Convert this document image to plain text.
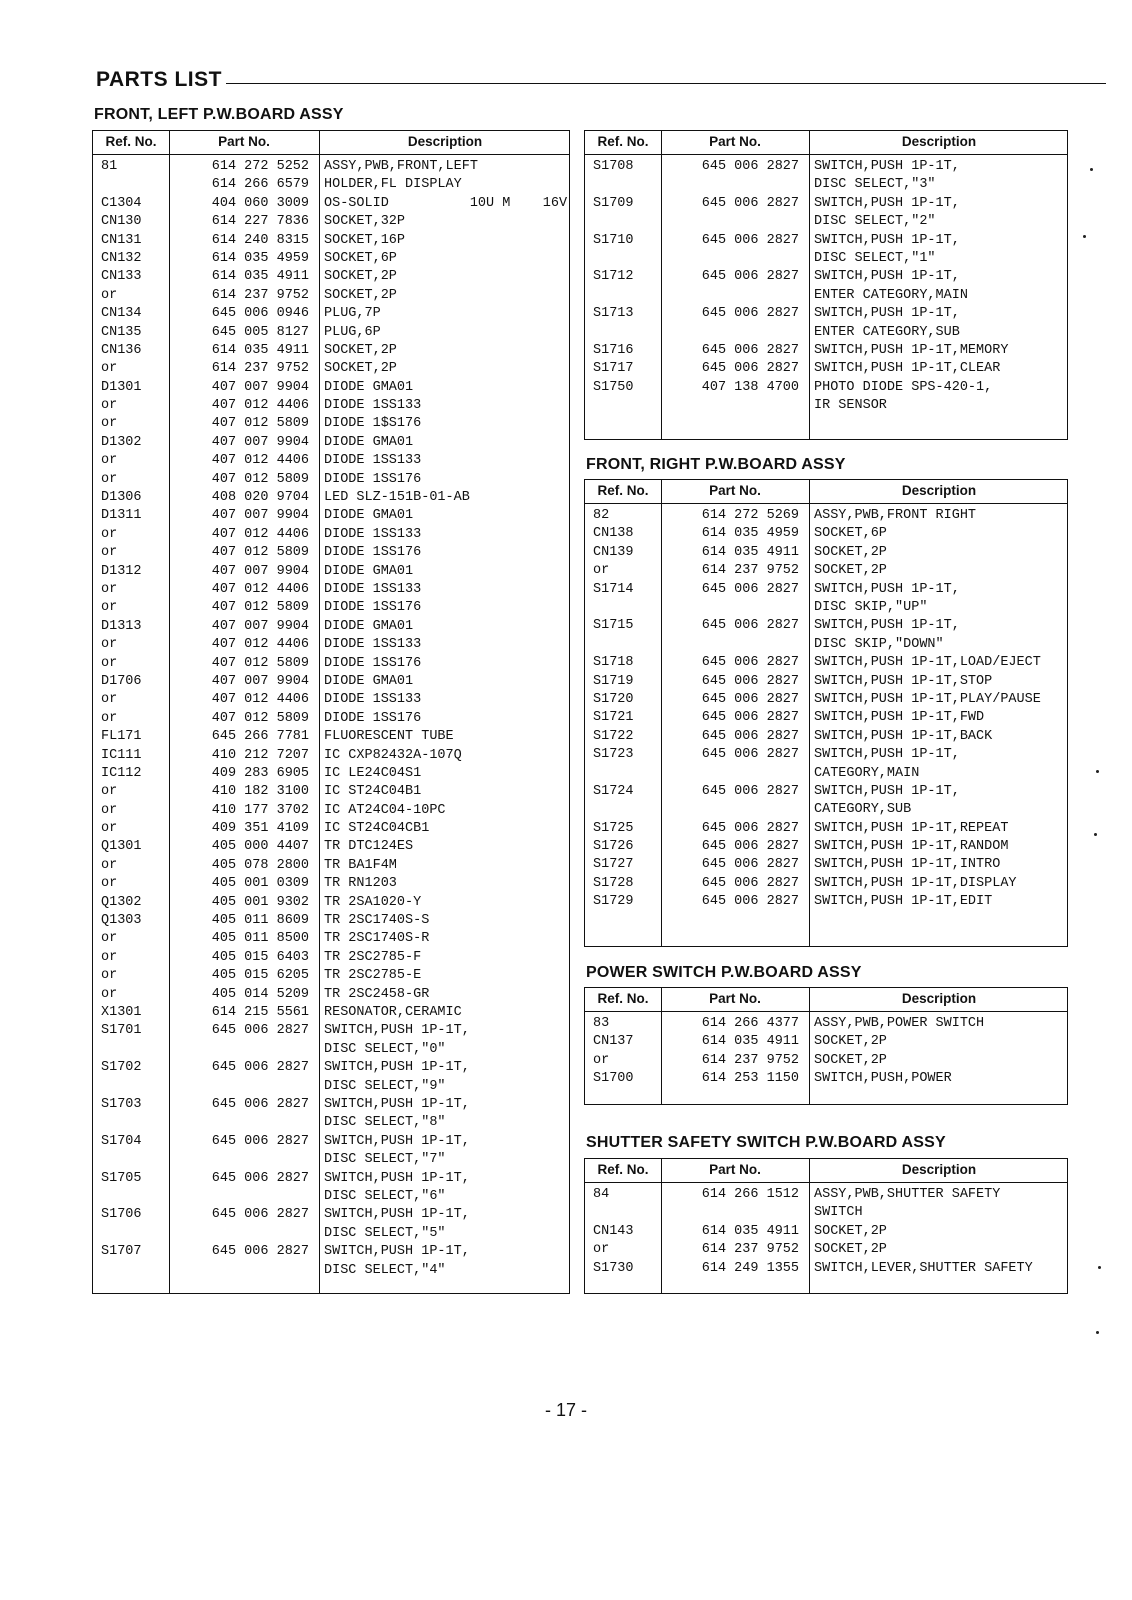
PARTS LIST
FRONT, LEFT P.W.BOARD ASSY
Ref. No.	Part No.	Description
81	614 272 5252 ASSY,PWB,FRONT,LEFT
614 266 6579 HOLDER,FL DISPLAY
C1304	404 060 3009 OS-SOLID          10U M    16V
CN130	614 227 7836 SOCKET,32P
CN131	614 240 8315 SOCKET,16P
CN132	614 035 4959 SOCKET,6P
CN133	614 035 4911 SOCKET,2P
or	614 237 9752 SOCKET,2P
CN134	645 006 0946 PLUG,7P
CN135	645 005 8127 PLUG,6P
CN136	614 035 4911 SOCKET,2P
or	614 237 9752 SOCKET,2P
D1301	407 007 9904 DIODE GMA01
or	407 012 4406 DIODE 1SS133
or	407 012 5809 DIODE 1$S176
D1302	407 007 9904 DIODE GMA01
or	407 012 4406 DIODE 1SS133
or	407 012 5809 DIODE 1SS176
D1306	408 020 9704 LED SLZ-151B-01-AB
D1311	407 007 9904 DIODE GMA01
or	407 012 4406 DIODE 1SS133
or	407 012 5809 DIODE 1SS176
D1312	407 007 9904 DIODE GMA01
or	407 012 4406 DIODE 1SS133
or	407 012 5809 DIODE 1SS176
D1313	407 007 9904 DIODE GMA01
or	407 012 4406 DIODE 1SS133
or	407 012 5809 DIODE 1SS176
D1706	407 007 9904 DIODE GMA01
or	407 012 4406 DIODE 1SS133
or	407 012 5809 DIODE 1SS176
FL171	645 266 7781 FLUORESCENT TUBE
IC111	410 212 7207 IC CXP82432A-107Q
IC112	409 283 6905 IC LE24C04S1
or	410 182 3100 IC ST24C04B1
or	410 177 3702 IC AT24C04-10PC
or	409 351 4109 IC ST24C04CB1
Q1301	405 000 4407 TR DTC124ES
or	405 078 2800 TR BA1F4M
or	405 001 0309 TR RN1203
Q1302	405 001 9302 TR 2SA1020-Y
Q1303	405 011 8609 TR 2SC1740S-S
or	405 011 8500 TR 2SC1740S-R
or	405 015 6403 TR 2SC2785-F
or	405 015 6205 TR 2SC2785-E
or	405 014 5209 TR 2SC2458-GR
X1301	614 215 5561 RESONATOR,CERAMIC
S1701	645 006 2827 SWITCH,PUSH 1P-1T,
DISC SELECT,"0"
S1702	645 006 2827 SWITCH,PUSH 1P-1T,
DISC SELECT,"9"
S1703	645 006 2827 SWITCH,PUSH 1P-1T,
DISC SELECT,"8"
S1704	645 006 2827 SWITCH,PUSH 1P-1T,
DISC SELECT,"7"
S1705	645 006 2827 SWITCH,PUSH 1P-1T,
DISC SELECT,"6"
S1706	645 006 2827 SWITCH,PUSH 1P-1T,
DISC SELECT,"5"
S1707	645 006 2827 SWITCH,PUSH 1P-1T,
DISC SELECT,"4"
Ref. No.	Part No.	Description
S1708	645 006 2827 SWITCH,PUSH 1P-1T,
DISC SELECT,"3"
S1709	645 006 2827 SWITCH,PUSH 1P-1T,
DISC SELECT,"2"
S1710	645 006 2827 SWITCH,PUSH 1P-1T,
DISC SELECT,"1"
S1712	645 006 2827 SWITCH,PUSH 1P-1T,
ENTER CATEGORY,MAIN
S1713	645 006 2827 SWITCH,PUSH 1P-1T,
ENTER CATEGORY,SUB
S1716	645 006 2827 SWITCH,PUSH 1P-1T,MEMORY
S1717	645 006 2827 SWITCH,PUSH 1P-1T,CLEAR
S1750	407 138 4700 PHOTO DIODE SPS-420-1,
IR SENSOR
FRONT, RIGHT P.W.BOARD ASSY
Ref. No.	Part No.	Description
82	614 272 5269 ASSY,PWB,FRONT RIGHT
CN138	614 035 4959 SOCKET,6P
CN139	614 035 4911 SOCKET,2P
or	614 237 9752 SOCKET,2P
S1714	645 006 2827 SWITCH,PUSH 1P-1T,
DISC SKIP,"UP"
S1715	645 006 2827 SWITCH,PUSH 1P-1T,
DISC SKIP,"DOWN"
S1718	645 006 2827 SWITCH,PUSH 1P-1T,LOAD/EJECT
S1719	645 006 2827 SWITCH,PUSH 1P-1T,STOP
S1720	645 006 2827 SWITCH,PUSH 1P-1T,PLAY/PAUSE
S1721	645 006 2827 SWITCH,PUSH 1P-1T,FWD
S1722	645 006 2827 SWITCH,PUSH 1P-1T,BACK
S1723	645 006 2827 SWITCH,PUSH 1P-1T,
CATEGORY,MAIN
S1724	645 006 2827 SWITCH,PUSH 1P-1T,
CATEGORY,SUB
S1725	645 006 2827 SWITCH,PUSH 1P-1T,REPEAT
S1726	645 006 2827 SWITCH,PUSH 1P-1T,RANDOM
S1727	645 006 2827 SWITCH,PUSH 1P-1T,INTRO
S1728	645 006 2827 SWITCH,PUSH 1P-1T,DISPLAY
S1729	645 006 2827 SWITCH,PUSH 1P-1T,EDIT
POWER SWITCH P.W.BOARD ASSY
Ref. No.	Part No.	Description
83	614 266 4377 ASSY,PWB,POWER SWITCH
CN137	614 035 4911 SOCKET,2P
or	614 237 9752 SOCKET,2P
S1700	614 253 1150 SWITCH,PUSH,POWER
SHUTTER SAFETY SWITCH P.W.BOARD ASSY
Ref. No.	Part No.	Description
84	614 266 1512 ASSY,PWB,SHUTTER SAFETY
SWITCH
CN143	614 035 4911 SOCKET,2P
or	614 237 9752 SOCKET,2P
S1730	614 249 1355 SWITCH,LEVER,SHUTTER SAFETY
- 17 -
